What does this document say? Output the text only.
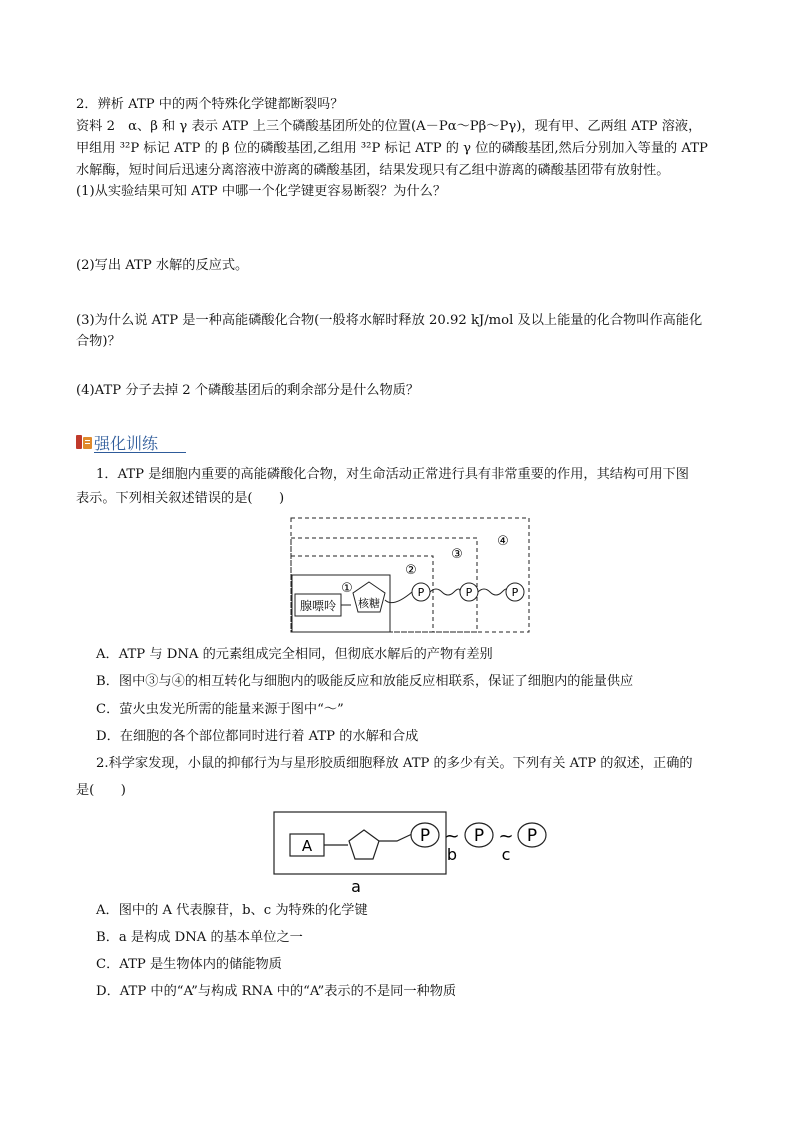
2．辨析 ATP 中的两个特殊化学键都断裂吗？
资料 2　α、β 和 γ 表示 ATP 上三个磷酸基团所处的位置(A－Pα～Pβ～Pγ)，现有甲、乙两组 ATP 溶液，
甲组用 ³²P 标记 ATP 的 β 位的磷酸基团,乙组用 ³²P 标记 ATP 的 γ 位的磷酸基团,然后分别加入等量的 ATP
水解酶，短时间后迅速分离溶液中游离的磷酸基团，结果发现只有乙组中游离的磷酸基团带有放射性。
(1)从实验结果可知 ATP 中哪一个化学键更容易断裂？为什么？
(2)写出 ATP 水解的反应式。
(3)为什么说 ATP 是一种高能磷酸化合物(一般将水解时释放 20.92 kJ/mol 及以上能量的化合物叫作高能化
合物)？
(4)ATP 分子去掉 2 个磷酸基团后的剩余部分是什么物质？
强化训练
1．ATP 是细胞内重要的高能磷酸化合物，对生命活动正常进行具有非常重要的作用，其结构可用下图
表示。下列相关叙述错误的是(　　)
腺嘌呤 核糖
P	P	P
①
②
③
④
A．ATP 与 DNA 的元素组成完全相同，但彻底水解后的产物有差别
B．图中③与④的相互转化与细胞内的吸能反应和放能反应相联系，保证了细胞内的能量供应
C．萤火虫发光所需的能量来源于图中“～”
D．在细胞的各个部位都同时进行着 ATP 的水解和合成
2.科学家发现，小鼠的抑郁行为与星形胶质细胞释放 ATP 的多少有关。下列有关 ATP 的叙述，正确的
是(　　)
A	P ~ P ~ P
b	c
a
A．图中的 A 代表腺苷，b、c 为特殊的化学键
B．a 是构成 DNA 的基本单位之一
C．ATP 是生物体内的储能物质
D．ATP 中的“A”与构成 RNA 中的“A”表示的不是同一种物质
